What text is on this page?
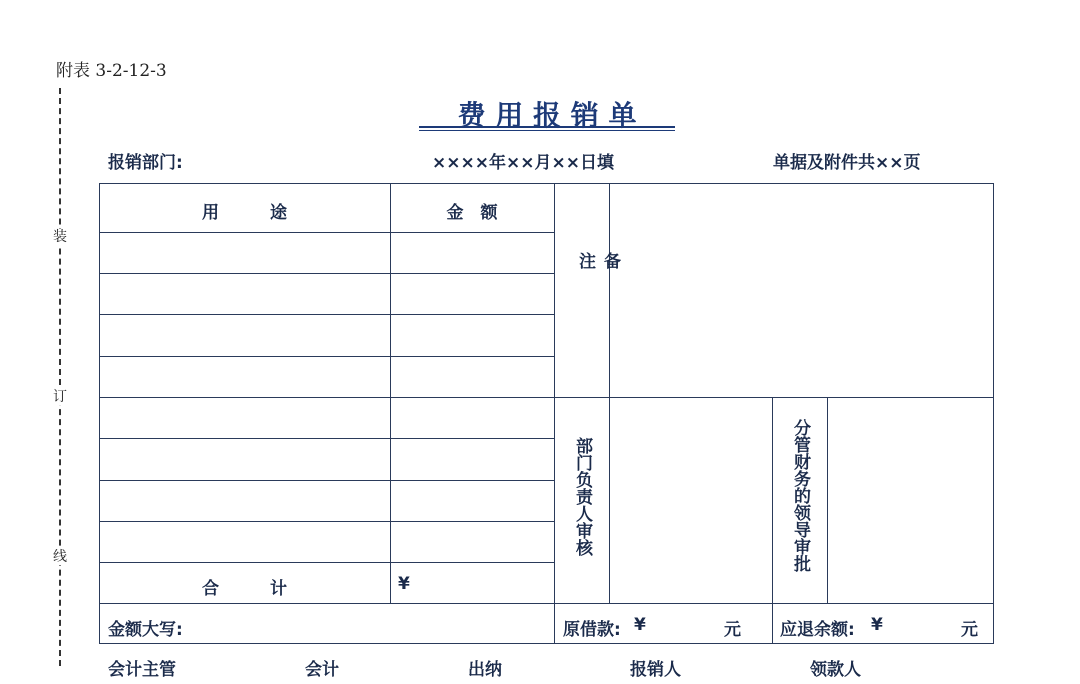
附表 3-2-12-3
装
订
线
费 用 报 销 单
报销部门:	××××年××月××日填	单据及附件共××页
用　　　途	金　额
备　注
合　　　计	¥
部门负责人审核	分管财务的领导审批
金额大写:	原借款: ¥	元 应退余额: ¥	元
会计主管	会计	出纳	报销人	领款人
